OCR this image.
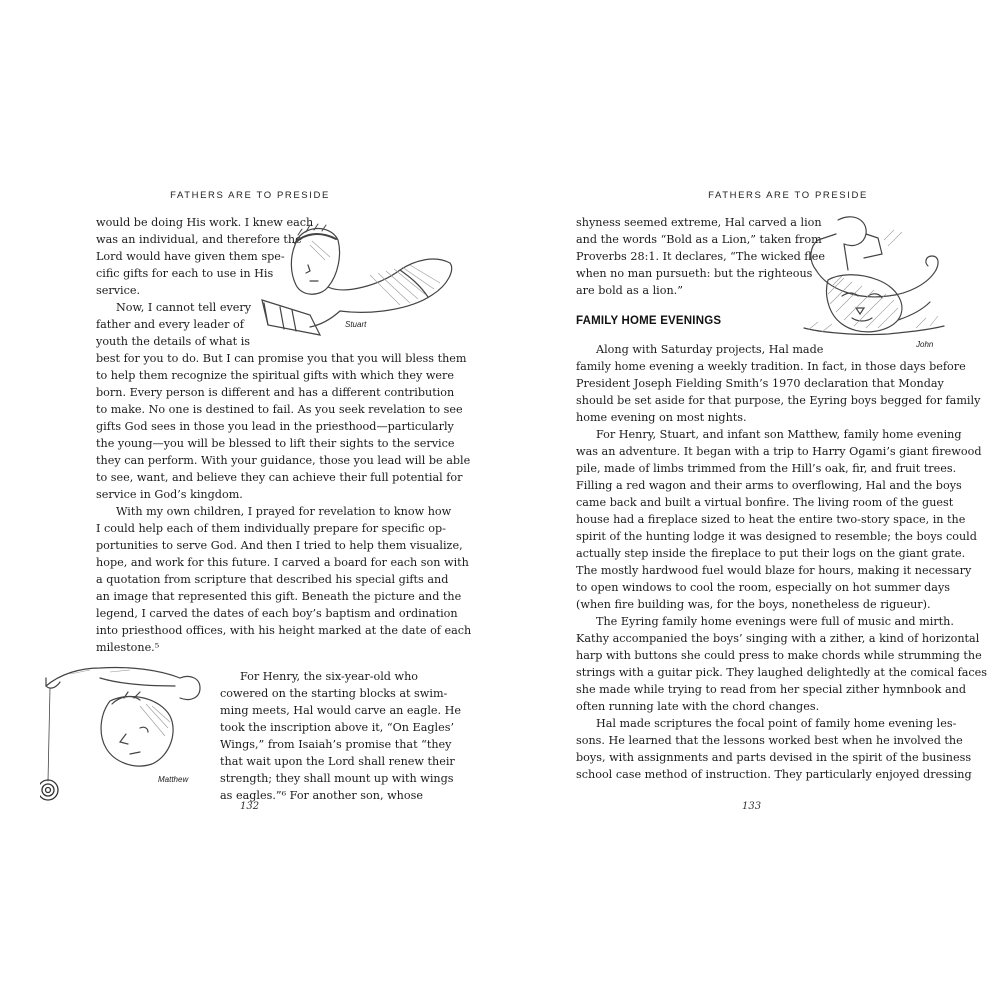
FATHERS ARE TO PRESIDE
would be doing His work. I knew each
was an individual, and therefore the
Lord would have given them spe-
cific gifts for each to use in His
service.
Now, I cannot tell every
father and every leader of
youth the details of what is
best for you to do. But I can promise you that you will bless them
to help them recognize the spiritual gifts with which they were
born. Every person is different and has a different contribution
to make. No one is destined to fail. As you seek revelation to see
gifts God sees in those you lead in the priesthood—particularly
the young—you will be blessed to lift their sights to the service
they can perform. With your guidance, those you lead will be able
to see, want, and believe they can achieve their full potential for
service in God’s kingdom.
With my own children, I prayed for revelation to know how
I could help each of them individually prepare for specific op-
portunities to serve God. And then I tried to help them visualize,
hope, and work for this future. I carved a board for each son with
a quotation from scripture that described his special gifts and
an image that represented this gift. Beneath the picture and the
legend, I carved the dates of each boy’s baptism and ordination
into priesthood offices, with his height marked at the date of each
milestone.⁵
For Henry, the six-year-old who
cowered on the starting blocks at swim-
ming meets, Hal would carve an eagle. He
took the inscription above it, “On Eagles’
Wings,” from Isaiah’s promise that “they
that wait upon the Lord shall renew their
strength; they shall mount up with wings
as eagles.”⁶ For another son, whose
Stuart
Matthew
132
FATHERS ARE TO PRESIDE
shyness seemed extreme, Hal carved a lion
and the words “Bold as a Lion,” taken from
Proverbs 28:1. It declares, “The wicked flee
when no man pursueth: but the righteous
are bold as a lion.”
FAMILY HOME EVENINGS
Along with Saturday projects, Hal made
family home evening a weekly tradition. In fact, in those days before
President Joseph Fielding Smith’s 1970 declaration that Monday
should be set aside for that purpose, the Eyring boys begged for family
home evening on most nights.
For Henry, Stuart, and infant son Matthew, family home evening
was an adventure. It began with a trip to Harry Ogami’s giant firewood
pile, made of limbs trimmed from the Hill’s oak, fir, and fruit trees.
Filling a red wagon and their arms to overflowing, Hal and the boys
came back and built a virtual bonfire. The living room of the guest
house had a fireplace sized to heat the entire two-story space, in the
spirit of the hunting lodge it was designed to resemble; the boys could
actually step inside the fireplace to put their logs on the giant grate.
The mostly hardwood fuel would blaze for hours, making it necessary
to open windows to cool the room, especially on hot summer days
(when fire building was, for the boys, nonetheless de rigueur).
The Eyring family home evenings were full of music and mirth.
Kathy accompanied the boys’ singing with a zither, a kind of horizontal
harp with buttons she could press to make chords while strumming the
strings with a guitar pick. They laughed delightedly at the comical faces
she made while trying to read from her special zither hymnbook and
often running late with the chord changes.
Hal made scriptures the focal point of family home evening les-
sons. He learned that the lessons worked best when he involved the
boys, with assignments and parts devised in the spirit of the business
school case method of instruction. They particularly enjoyed dressing
John
133
